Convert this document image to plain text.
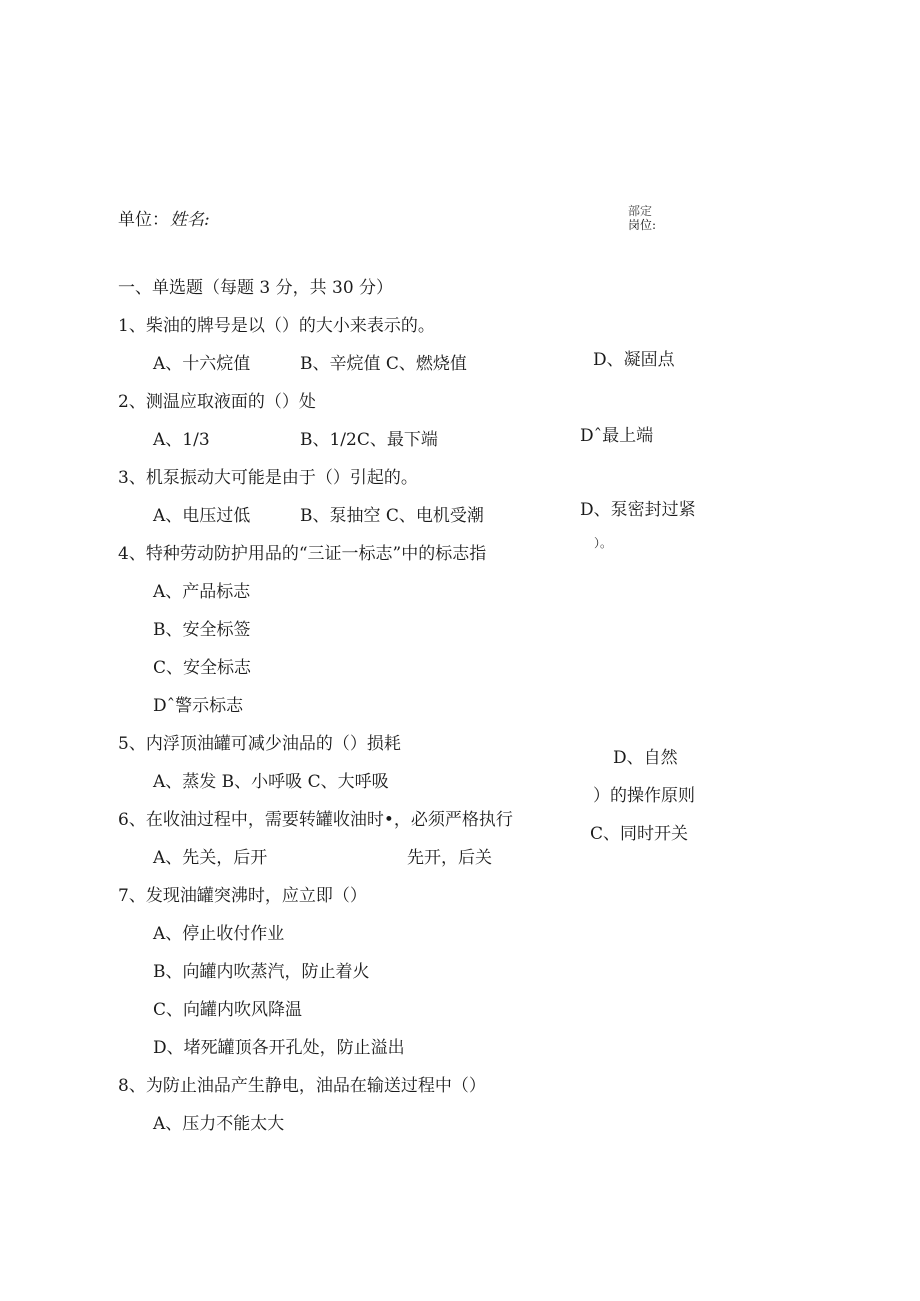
单位： 姓名:	部定
岗位:
一、单选题（每题 3 分，共 30 分）
1、柴油的牌号是以（）的大小来表示的。
A、十六烷值	B、辛烷值 C、燃烧值	D、凝固点
2、测温应取液面的（）处
A、1/3	B、1/2C、最下端	Dˆ最上端
3、机泵振动大可能是由于（）引起的。
A、电压过低	B、泵抽空 C、电机受潮	D、泵密封过紧
4、特种劳动防护用品的“三证一标志”中的标志指
）。
A、产品标志
B、安全标签
C、安全标志
Dˆ警示标志
5、内浮顶油罐可减少油品的（）损耗
A、蒸发 B、小呼吸 C、大呼吸
D、自然
6、在收油过程中，需要转罐收油时•，必须严格执行
）的操作原则
A、先关，后开	先开，后关
C、同时开关
7、发现油罐突沸时，应立即（）
A、停止收付作业
B、向罐内吹蒸汽，防止着火
C、向罐内吹风降温
D、堵死罐顶各开孔处，防止溢出
8、为防止油品产生静电，油品在输送过程中（）
A、压力不能太大
